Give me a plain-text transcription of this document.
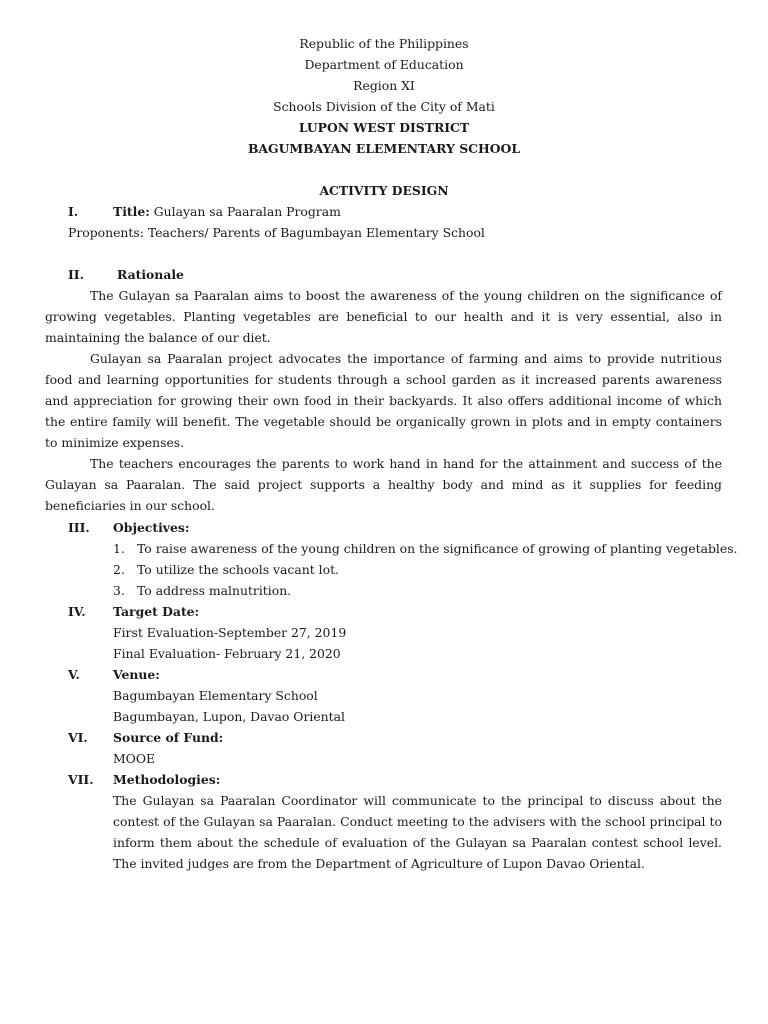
Republic of the Philippines
Department of Education
Region XI
Schools Division of the City of Mati
LUPON WEST DISTRICT
BAGUMBAYAN ELEMENTARY SCHOOL
ACTIVITY DESIGN
I.	Title: Gulayan sa Paaralan Program
Proponents: Teachers/ Parents of Bagumbayan Elementary School
II.	Rationale

The Gulayan sa Paaralan aims to boost the awareness of the young children on the significance of growing vegetables. Planting vegetables are beneficial to our health and it is very essential, also in maintaining the balance of our diet.

Gulayan sa Paaralan project advocates the importance of farming and aims to provide nutritious food and learning opportunities for students through a school garden as it increased parents awareness and appreciation for growing their own food in their backyards. It also offers additional income of which the entire family will benefit. The vegetable should be organically grown in plots and in empty containers to minimize expenses.

The teachers encourages the parents to work hand in hand for the attainment and success of the Gulayan sa Paaralan. The said project supports a healthy body and mind as it supplies for feeding beneficiaries in our school.

III. Objectives:
1. To raise awareness of the young children on the significance of growing of planting vegetables.
2. To utilize the schools vacant lot.
3. To address malnutrition.
IV. Target Date:
First Evaluation-September 27, 2019
Final Evaluation- February 21, 2020
V.	Venue:
Bagumbayan Elementary School
Bagumbayan, Lupon, Davao Oriental
VI. Source of Fund:
MOOE
VII. Methodologies:

The Gulayan sa Paaralan Coordinator will communicate to the principal to discuss about the contest of the Gulayan sa Paaralan. Conduct meeting to the advisers with the school principal to inform them about the schedule of evaluation of the Gulayan sa Paaralan contest school level. The invited judges are from the Department of Agriculture of Lupon Davao Oriental.
